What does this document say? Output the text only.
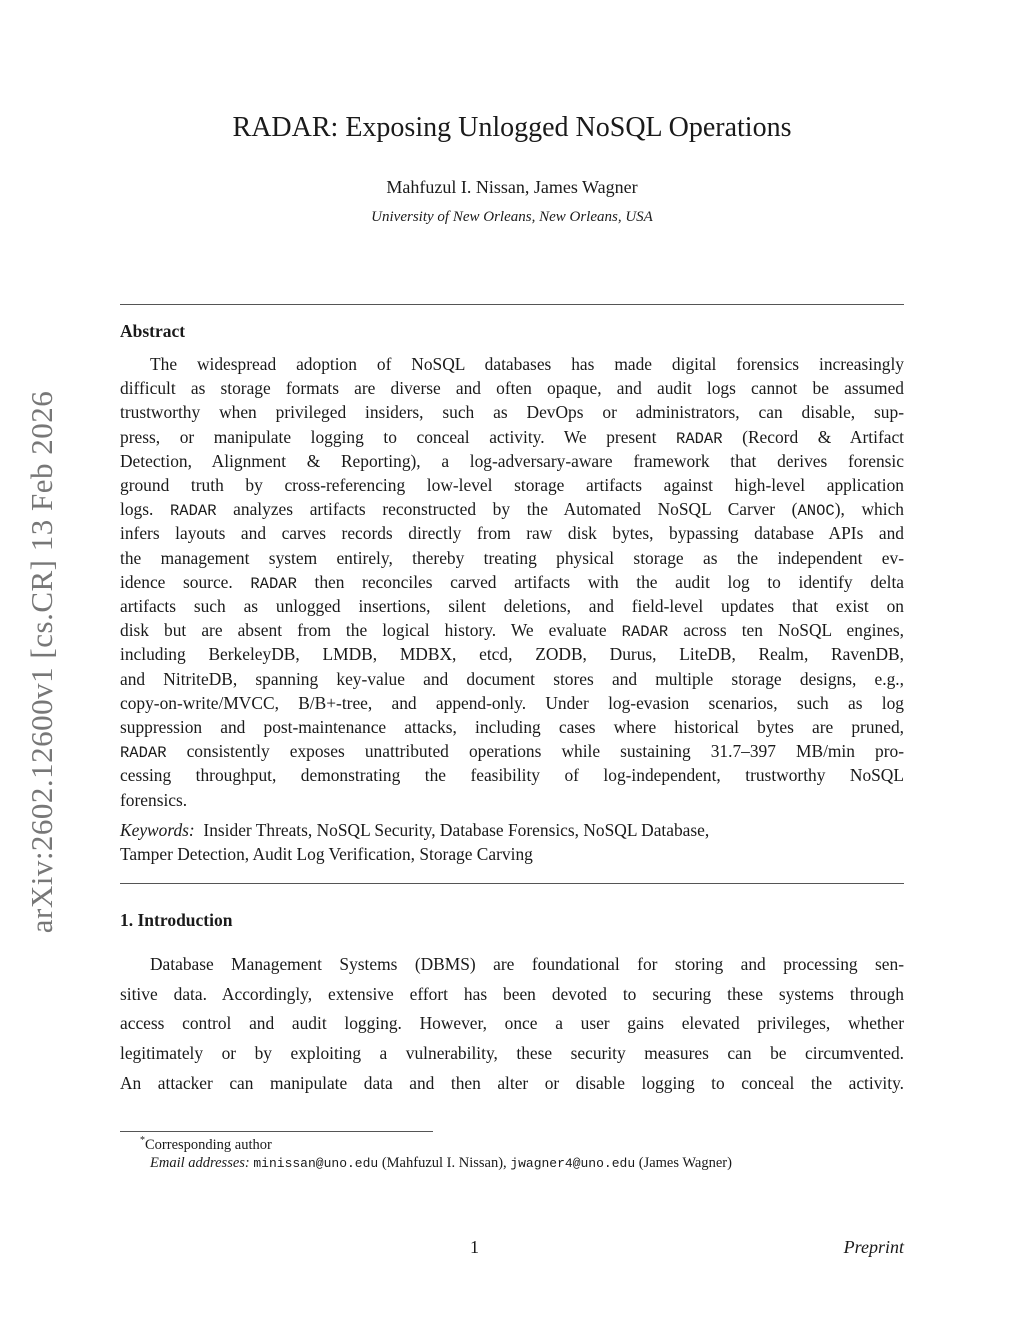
arXiv:2602.12600v1 [cs.CR] 13 Feb 2026
RADAR: Exposing Unlogged NoSQL Operations
Mahfuzul I. Nissan, James Wagner
University of New Orleans, New Orleans, USA
Abstract
The widespread adoption of NoSQL databases has made digital forensics increasingly
difficult as storage formats are diverse and often opaque, and audit logs cannot be assumed
trustworthy when privileged insiders, such as DevOps or administrators, can disable, sup-
press, or manipulate logging to conceal activity. We present RADAR (Record & Artifact
Detection, Alignment & Reporting), a log-adversary-aware framework that derives forensic
ground truth by cross-referencing low-level storage artifacts against high-level application
logs. RADAR analyzes artifacts reconstructed by the Automated NoSQL Carver (ANOC), which
infers layouts and carves records directly from raw disk bytes, bypassing database APIs and
the management system entirely, thereby treating physical storage as the independent ev-
idence source. RADAR then reconciles carved artifacts with the audit log to identify delta
artifacts such as unlogged insertions, silent deletions, and field-level updates that exist on
disk but are absent from the logical history. We evaluate RADAR across ten NoSQL engines,
including BerkeleyDB, LMDB, MDBX, etcd, ZODB, Durus, LiteDB, Realm, RavenDB,
and NitriteDB, spanning key-value and document stores and multiple storage designs, e.g.,
copy-on-write/MVCC, B/B+-tree, and append-only. Under log-evasion scenarios, such as log
suppression and post-maintenance attacks, including cases where historical bytes are pruned,
RADAR consistently exposes unattributed operations while sustaining 31.7–397 MB/min pro-
cessing throughput, demonstrating the feasibility of log-independent, trustworthy NoSQL
forensics.
Keywords: Insider Threats, NoSQL Security, Database Forensics, NoSQL Database,
Tamper Detection, Audit Log Verification, Storage Carving
1. Introduction
Database Management Systems (DBMS) are foundational for storing and processing sen-
sitive data. Accordingly, extensive effort has been devoted to securing these systems through
access control and audit logging. However, once a user gains elevated privileges, whether
legitimately or by exploiting a vulnerability, these security measures can be circumvented.
An attacker can manipulate data and then alter or disable logging to conceal the activity.
*Corresponding author
Email addresses: minissan@uno.edu (Mahfuzul I. Nissan), jwagner4@uno.edu (James Wagner)
1	Preprint
